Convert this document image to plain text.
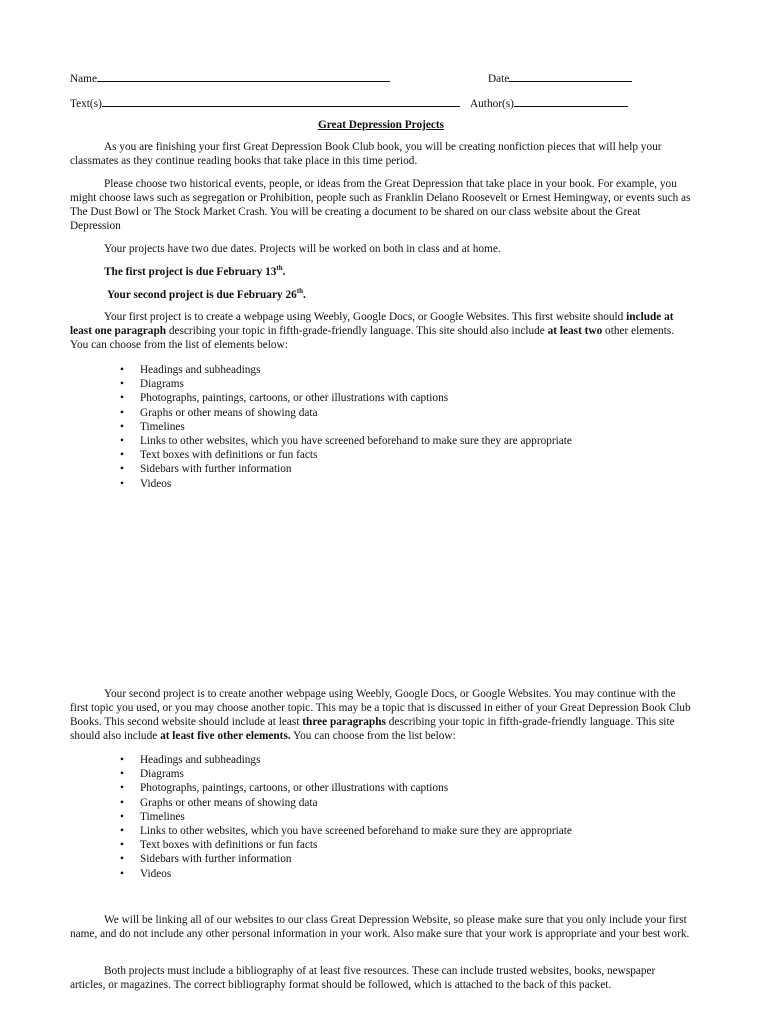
Name	Date
Text(s)	Author(s)
Great Depression Projects

As you are finishing your first Great Depression Book Club book, you will be creating nonfiction pieces that will help your classmates as they continue reading books that take place in this time period.

Please choose two historical events, people, or ideas from the Great Depression that take place in your book. For example, you might choose laws such as segregation or Prohibition, people such as Franklin Delano Roosevelt or Ernest Hemingway, or events such as The Dust Bowl or The Stock Market Crash. You will be creating a document to be shared on our class website about the Great Depression

Your projects have two due dates. Projects will be worked on both in class and at home.

The first project is due February 13th.

Your second project is due February 26th.

Your first project is to create a webpage using Weebly, Google Docs, or Google Websites. This first website should include at least one paragraph describing your topic in fifth-grade-friendly language. This site should also include at least two other elements. You can choose from the list of elements below:

• Headings and subheadings
• Diagrams
• Photographs, paintings, cartoons, or other illustrations with captions
• Graphs or other means of showing data
• Timelines
• Links to other websites, which you have screened beforehand to make sure they are appropriate
• Text boxes with definitions or fun facts
• Sidebars with further information
• Videos

Your second project is to create another webpage using Weebly, Google Docs, or Google Websites. You may continue with the first topic you used, or you may choose another topic. This may be a topic that is discussed in either of your Great Depression Book Club Books. This second website should include at least three paragraphs describing your topic in fifth-grade-friendly language. This site should also include at least five other elements. You can choose from the list below:

• Headings and subheadings
• Diagrams
• Photographs, paintings, cartoons, or other illustrations with captions
• Graphs or other means of showing data
• Timelines
• Links to other websites, which you have screened beforehand to make sure they are appropriate
• Text boxes with definitions or fun facts
• Sidebars with further information
• Videos

We will be linking all of our websites to our class Great Depression Website, so please make sure that you only include your first name, and do not include any other personal information in your work. Also make sure that your work is appropriate and your best work.

Both projects must include a bibliography of at least five resources. These can include trusted websites, books, newspaper articles, or magazines. The correct bibliography format should be followed, which is attached to the back of this packet.
